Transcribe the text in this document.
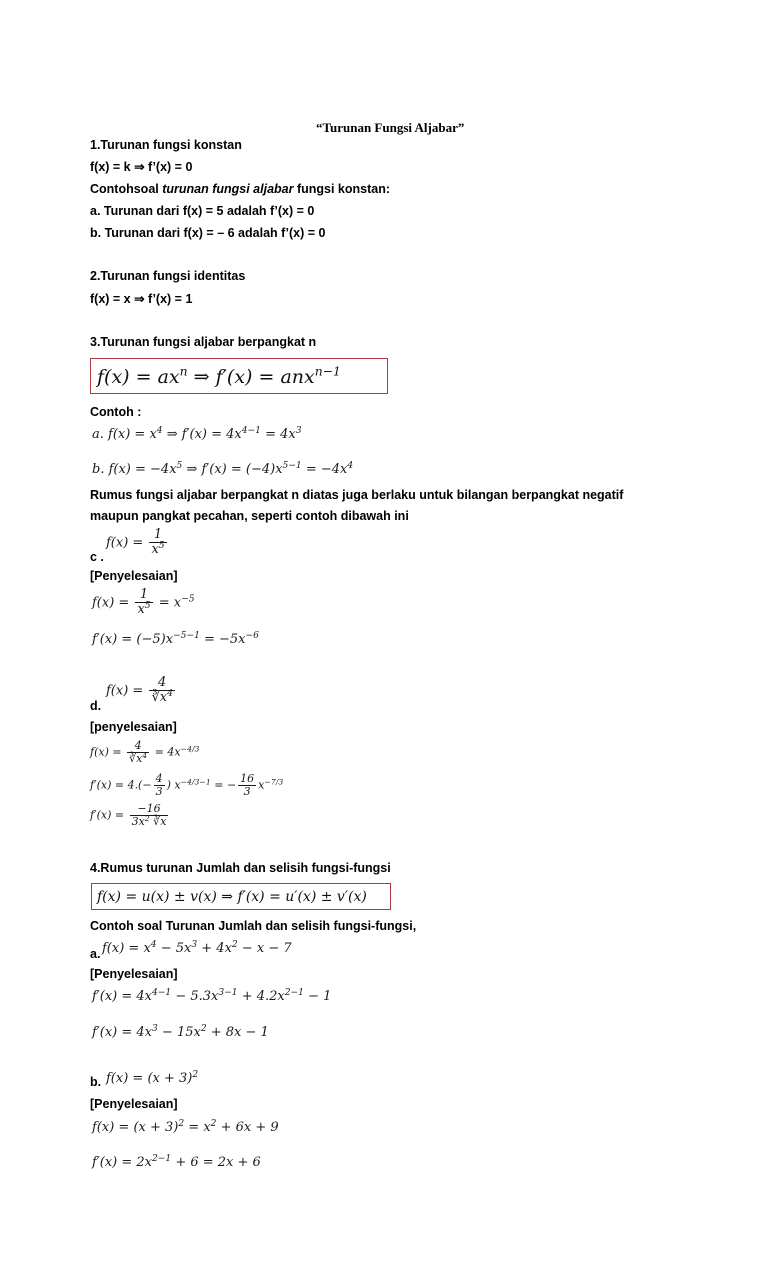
“Turunan Fungsi Aljabar”
1.Turunan fungsi konstan
f(x) = k ⇒ f’(x) = 0
Contohsoal turunan fungsi aljabar fungsi konstan:
a. Turunan dari f(x) = 5 adalah f’(x) = 0
b. Turunan dari f(x) = – 6 adalah f’(x) = 0
2.Turunan fungsi identitas
f(x) = x ⇒ f’(x) = 1
3.Turunan fungsi aljabar berpangkat n
$f(x) = ax^n$ ⇒ f′(x) = anx$^{n-1}$
Contoh :
a. $f(x) = x^4$ ⇒ $f'(x) = 4x^{4-1} = 4x^3$
b. $f(x) = -4x^5$ ⇒ $f'(x) = (-4)x^{5-1} = -4x^4$
Rumus fungsi aljabar berpangkat n diatas juga berlaku untuk bilangan berpangkat negatif
maupun pangkat pecahan, seperti contoh dibawah ini
c .
$f(x) = \frac{1}{x^5}$
[Penyelesaian]
$f(x) = \frac{1}{x^5} = x^{-5}$
$f'(x) = (-5)x^{-5-1} = -5x^{-6}$
d.
$f(x) = \frac{4}{∛x^4}$
[penyelesaian]
$f(x) = \frac{4}{∛x^4} = 4x^{-4/3}$
$f'(x) = 4.(- \frac{4}{3}$ ) $x^{-4/3-1}$ = − $\frac{16}{3} x^{-7/3}$
$f'(x) = \frac{-16}{3x^2 ∛x}$
4.Rumus turunan Jumlah dan selisih fungsi-fungsi
f(x) = u(x) ± v(x) ⇒ f′(x) = u′(x) ± v′(x)
Contoh soal Turunan Jumlah dan selisih fungsi-fungsi,
a. $f(x) = x^4 - 5x^3 + 4x^2 - x - 7$
[Penyelesaian]
$f'(x) = 4x^{4-1} - 5.3x^{3-1} + 4.2x^{2-1} - 1$
$f'(x) = 4x^3 - 15x^2 + 8x - 1$
b. $f(x) = (x + 3)^2$
[Penyelesaian]
$f(x) = (x + 3)^2 = x^2 + 6x + 9$
$f'(x) = 2x^{2-1} + 6 = 2x + 6$
